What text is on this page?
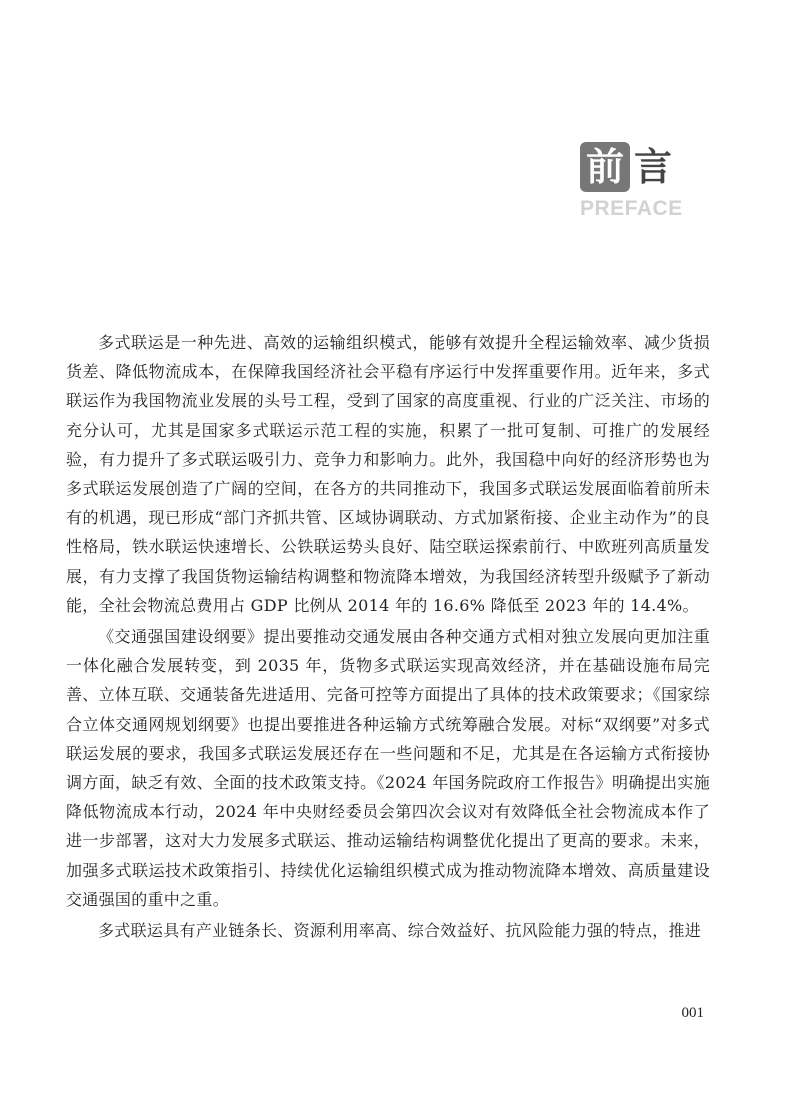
前 言
PREFACE

多式联运是一种先进、高效的运输组织模式，能够有效提升全程运输效率、减少货损货差、降低物流成本，在保障我国经济社会平稳有序运行中发挥重要作用。近年来，多式联运作为我国物流业发展的头号工程，受到了国家的高度重视、行业的广泛关注、市场的充分认可，尤其是国家多式联运示范工程的实施，积累了一批可复制、可推广的发展经验，有力提升了多式联运吸引力、竞争力和影响力。此外，我国稳中向好的经济形势也为多式联运发展创造了广阔的空间，在各方的共同推动下，我国多式联运发展面临着前所未有的机遇，现已形成“部门齐抓共管、区域协调联动、方式加紧衔接、企业主动作为”的良性格局，铁水联运快速增长、公铁联运势头良好、陆空联运探索前行、中欧班列高质量发展，有力支撑了我国货物运输结构调整和物流降本增效，为我国经济转型升级赋予了新动能，全社会物流总费用占 GDP 比例从 2014 年的 16.6% 降低至 2023 年的 14.4%。

《交通强国建设纲要》提出要推动交通发展由各种交通方式相对独立发展向更加注重一体化融合发展转变，到 2035 年，货物多式联运实现高效经济，并在基础设施布局完善、立体互联、交通装备先进适用、完备可控等方面提出了具体的技术政策要求；《国家综合立体交通网规划纲要》也提出要推进各种运输方式统筹融合发展。对标“双纲要”对多式联运发展的要求，我国多式联运发展还存在一些问题和不足，尤其是在各运输方式衔接协调方面，缺乏有效、全面的技术政策支持。《2024 年国务院政府工作报告》明确提出实施降低物流成本行动，2024 年中央财经委员会第四次会议对有效降低全社会物流成本作了进一步部署，这对大力发展多式联运、推动运输结构调整优化提出了更高的要求。未来，加强多式联运技术政策指引、持续优化运输组织模式成为推动物流降本增效、高质量建设交通强国的重中之重。

多式联运具有产业链条长、资源利用率高、综合效益好、抗风险能力强的特点，推进

001
